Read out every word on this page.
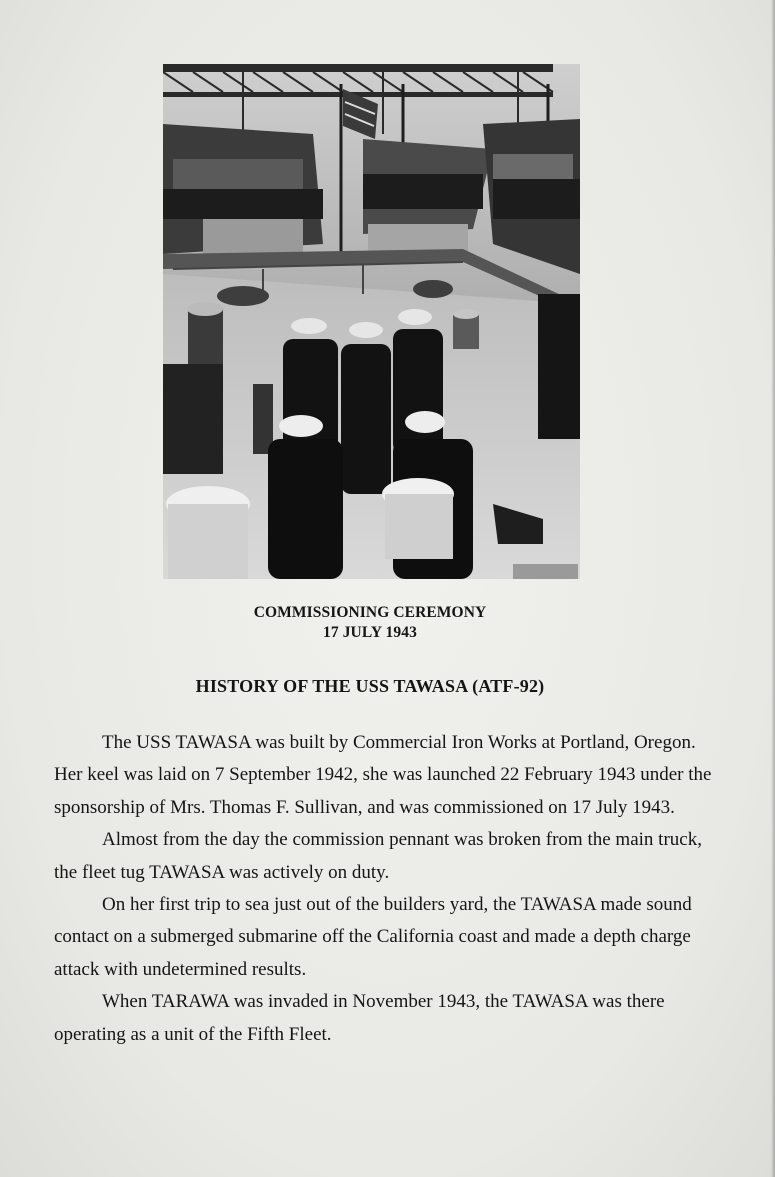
COMMISSIONING CEREMONY
17 JULY 1943
HISTORY OF THE USS TAWASA (ATF-92)

The USS TAWASA was built by Commercial Iron Works at Portland, Oregon. Her keel was laid on 7 September 1942, she was launched 22 February 1943 under the sponsorship of Mrs. Thomas F. Sullivan, and was commissioned on 17 July 1943.

Almost from the day the commission pennant was broken from the main truck, the fleet tug TAWASA was actively on duty.

On her first trip to sea just out of the builders yard, the TAWASA made sound contact on a submerged submarine off the California coast and made a depth charge attack with undetermined results.

When TARAWA was invaded in November 1943, the TAWASA was there operating as a unit of the Fifth Fleet.
